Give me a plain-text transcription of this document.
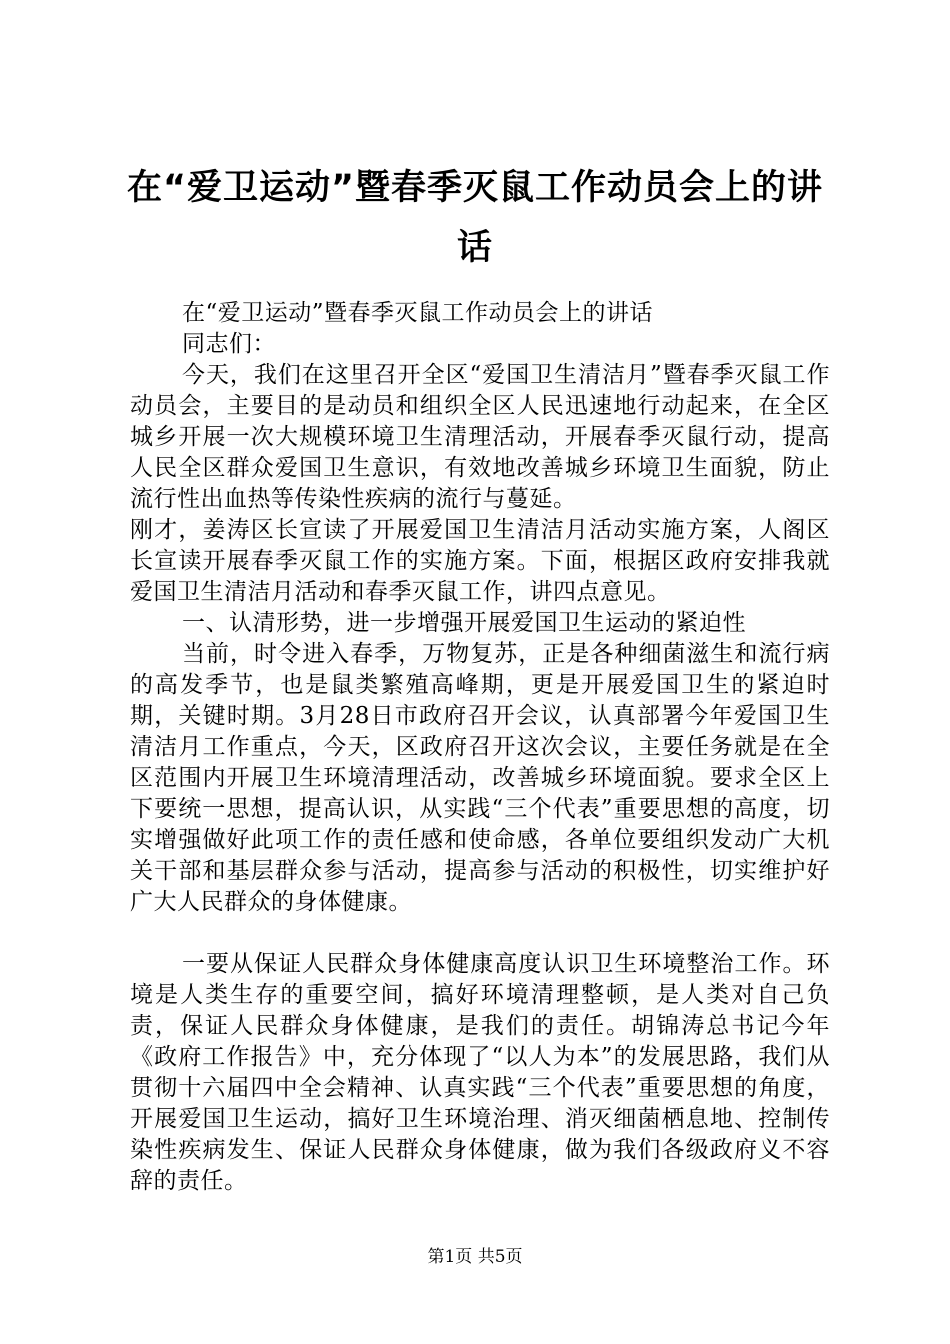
在“爱卫运动”暨春季灭鼠工作动员会上的讲
话

在“爱卫运动”暨春季灭鼠工作动员会上的讲话

同志们：

今天，我们在这里召开全区“爱国卫生清洁月”暨春季灭鼠工作动员会，主要目的是动员和组织全区人民迅速地行动起来，在全区城乡开展一次大规模环境卫生清理活动，开展春季灭鼠行动，提高人民全区群众爱国卫生意识，有效地改善城乡环境卫生面貌，防止流行性出血热等传染性疾病的流行与蔓延。

刚才，姜涛区长宣读了开展爱国卫生清洁月活动实施方案，人阁区长宣读开展春季灭鼠工作的实施方案。下面，根据区政府安排我就爱国卫生清洁月活动和春季灭鼠工作，讲四点意见。

一、认清形势，进一步增强开展爱国卫生运动的紧迫性

当前，时令进入春季，万物复苏，正是各种细菌滋生和流行病的高发季节，也是鼠类繁殖高峰期，更是开展爱国卫生的紧迫时期，关键时期。3月28日市政府召开会议，认真部署今年爱国卫生清洁月工作重点，今天，区政府召开这次会议，主要任务就是在全区范围内开展卫生环境清理活动，改善城乡环境面貌。要求全区上下要统一思想，提高认识，从实践“三个代表”重要思想的高度，切实增强做好此项工作的责任感和使命感，各单位要组织发动广大机关干部和基层群众参与活动，提高参与活动的积极性，切实维护好广大人民群众的身体健康。

一要从保证人民群众身体健康高度认识卫生环境整治工作。环境是人类生存的重要空间，搞好环境清理整顿，是人类对自己负责，保证人民群众身体健康，是我们的责任。胡锦涛总书记今年《政府工作报告》中，充分体现了“以人为本”的发展思路，我们从贯彻十六届四中全会精神、认真实践“三个代表”重要思想的角度，开展爱国卫生运动，搞好卫生环境治理、消灭细菌栖息地、控制传染性疾病发生、保证人民群众身体健康，做为我们各级政府义不容辞的责任。

第1页 共5页
